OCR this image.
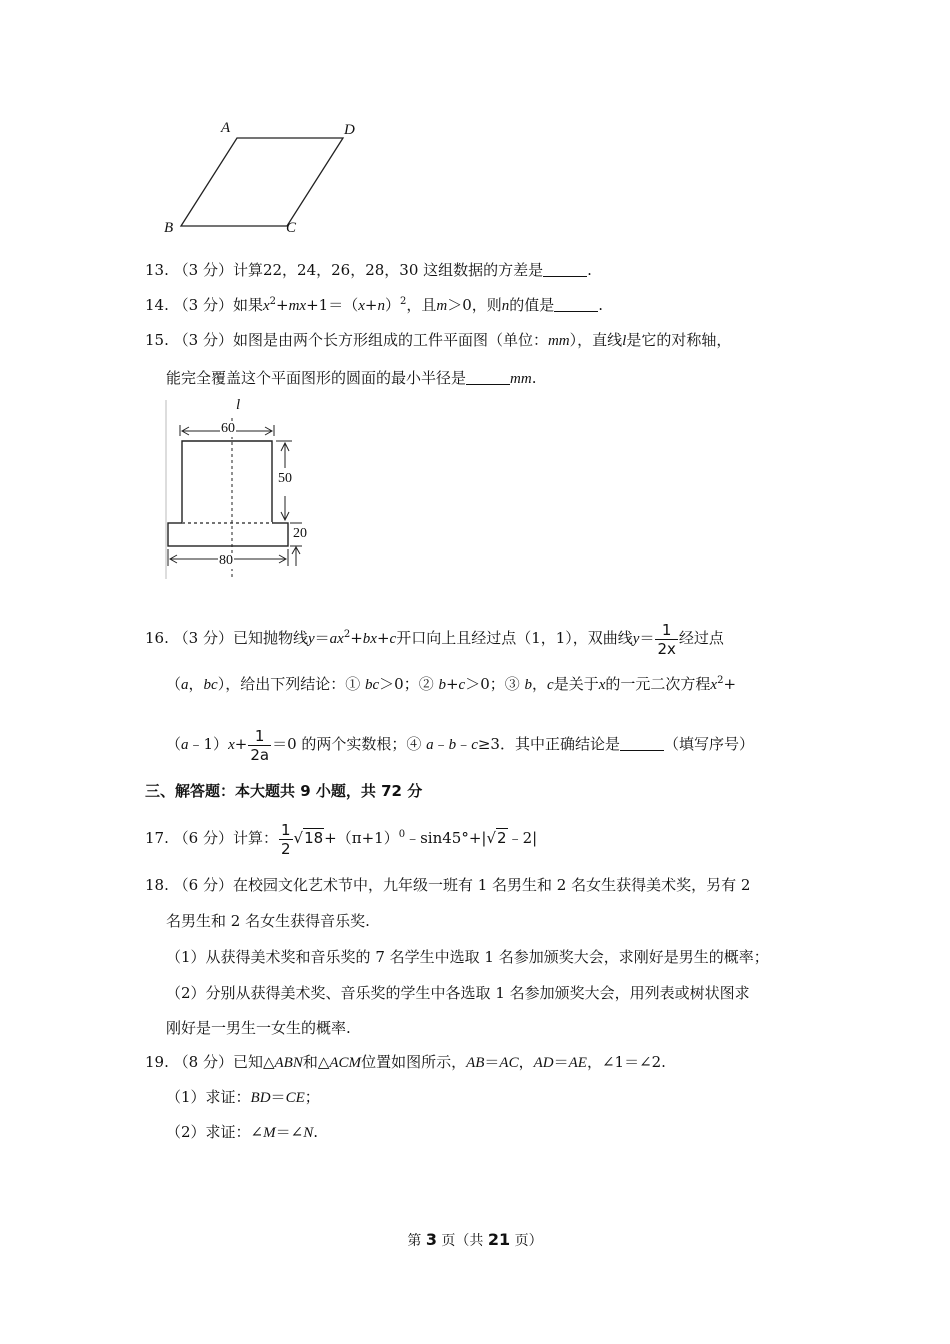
A	D
B	C
13. （3 分）计算22，24，26，28，30 这组数据的方差是	.
14. （3 分）如果$x^2+mx+1=(x+n)^2$，且m＞0，则n的值是	.
15. （3 分）如图是由两个长方形组成的工件平面图（单位：mm），直线l是它的对称轴，
能完全覆盖这个平面图形的圆面的最小半径是	mm.
l
60
50
20
80
16. （3 分）已知抛物线$y=ax^2+bx+c$开口向上且经过点（1，1），双曲线$y= \frac{1}{2x}$ 经过点
（a，bc），给出下列结论：① bc＞0；② b+c＞0；③ b，c是关于x的一元二次方程$x^2+$
（a﹣1）x+ $\frac{1}{2a} =0$ 的两个实数根；④ a﹣b﹣c≥3．其中正确结论是	（填写序号）
三、解答题：本大题共 9 小题，共 72 分
17. （6 分）计算： $\frac{1}{2}$ $√18+(\pi+1)^0﹣\sin 45^\circ+|√2﹣2|$
18. （6 分）在校园文化艺术节中，九年级一班有 1 名男生和 2 名女生获得美术奖，另有 2
名男生和 2 名女生获得音乐奖.
（1）从获得美术奖和音乐奖的 7 名学生中选取 1 名参加颁奖大会，求刚好是男生的概率；
（2）分别从获得美术奖、音乐奖的学生中各选取 1 名参加颁奖大会，用列表或树状图求
刚好是一男生一女生的概率.
19. （8 分）已知△ABN和△ACM位置如图所示，AB＝AC，AD＝AE，∠1＝∠2.
（1）求证：BD＝CE；
（2）求证：∠M＝∠N.
第 3 页（共 21 页）
